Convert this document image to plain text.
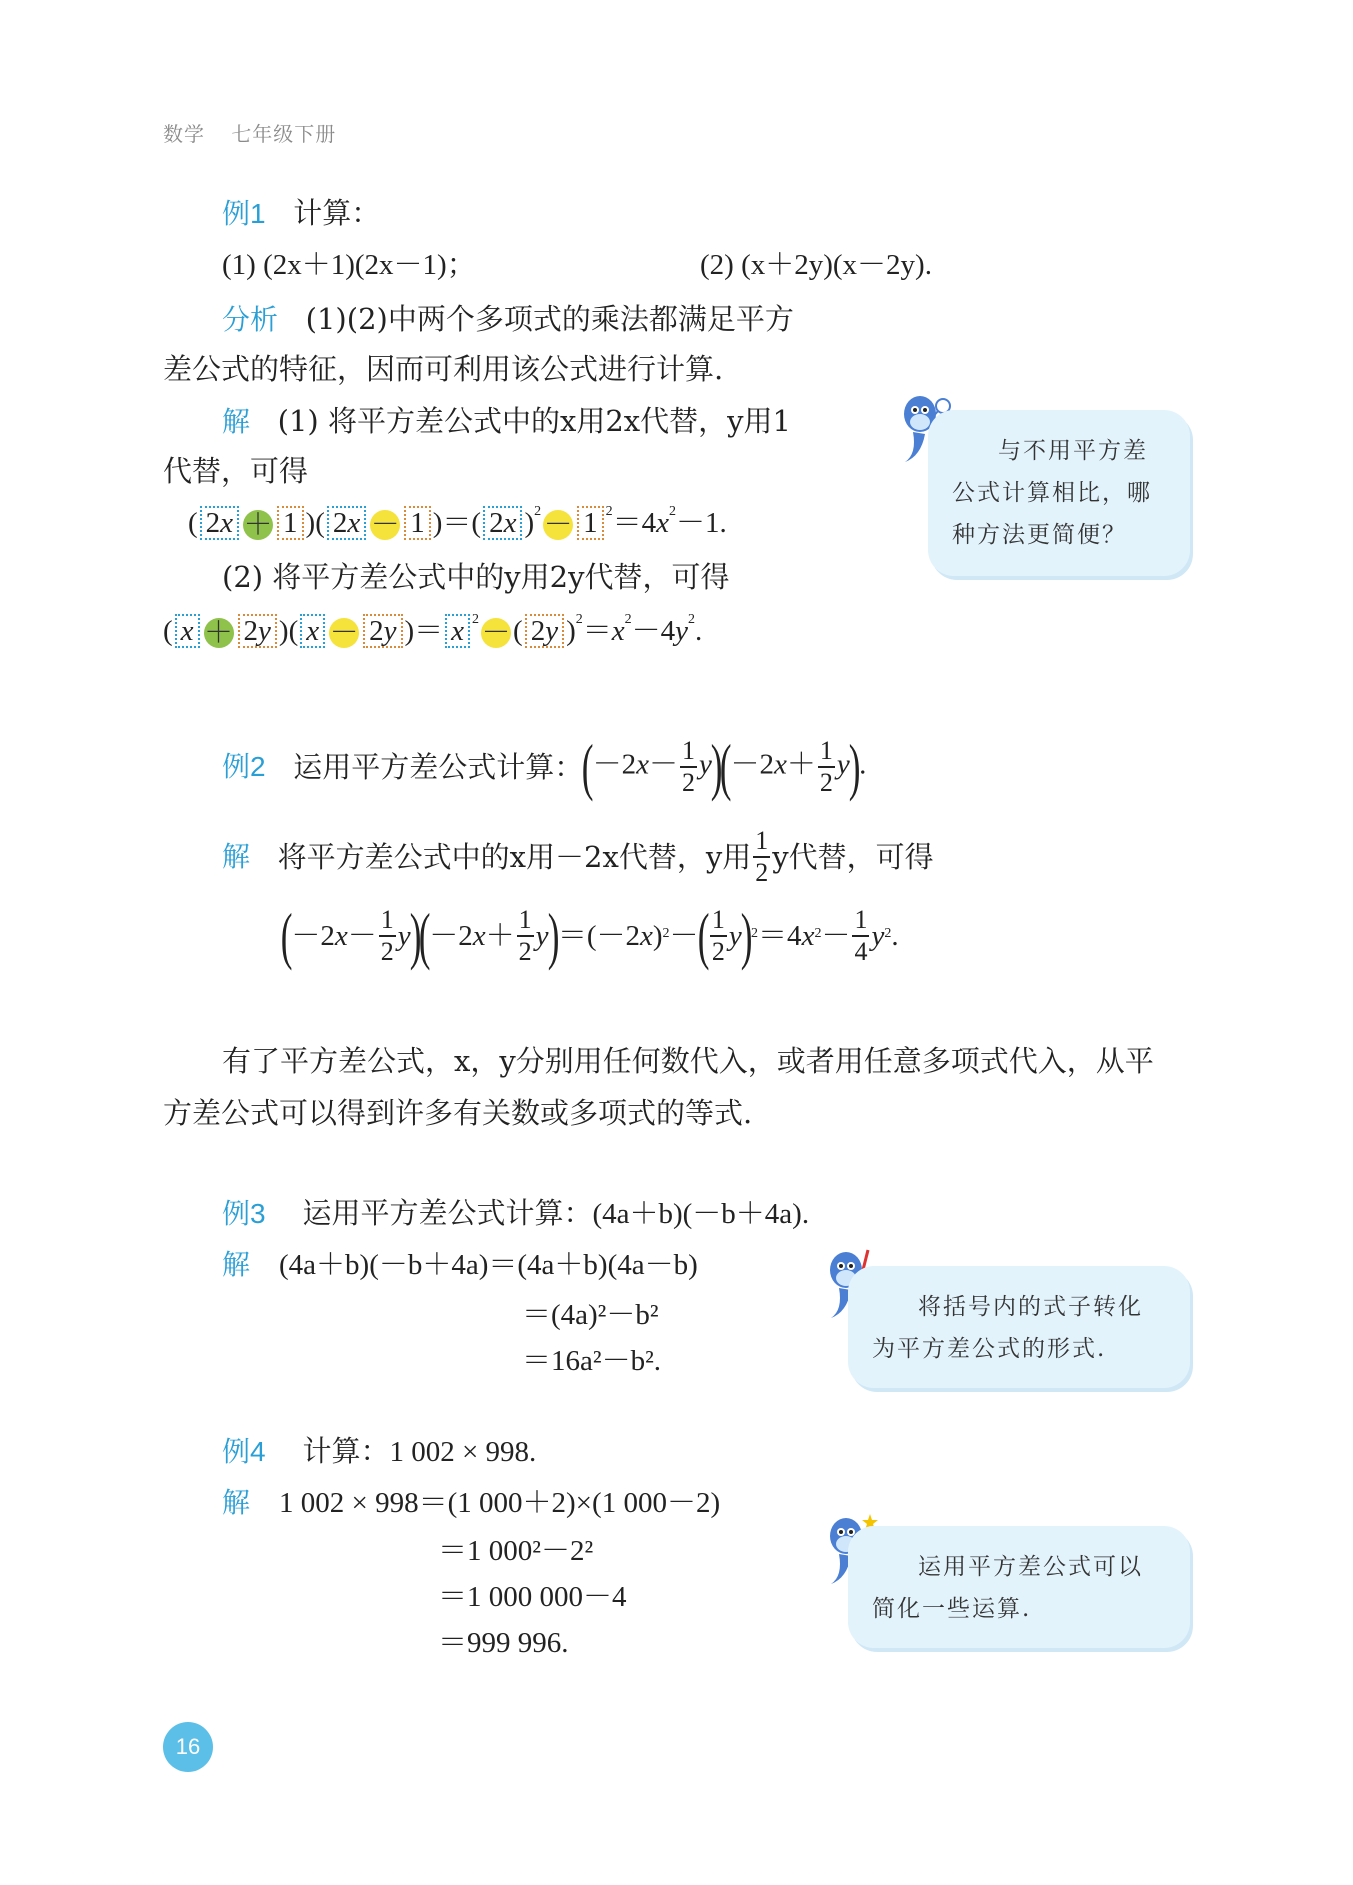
数学 七年级下册
例1 计算：
(1) (2x＋1)(2x－1)；	(2) (x＋2y)(x－2y).
分析 (1)(2)中两个多项式的乘法都满足平方
差公式的特征，因而可利用该公式进行计算.
解 (1) 将平方差公式中的x用2x代替，y用1
代替，可得
( 2x ＋ 1 )( 2x － 1 )＝( 2x )$^2$－ 1 $^2=4x^2-1$.
(2) 将平方差公式中的y用2y代替，可得
( x ＋ 2y )( x － 2y )＝ x $^2$－( 2y )$^2=x^2-4y^2$.
与不用平方差公式计算相比，哪种方法更简便？
例2
运用平方差公式计算：
$(-2x- \frac{1}{2} y)(-2x+ \frac{1}{2} y)$.
解
将平方差公式中的x用－2x代替，y用 $\frac{1}{2}$ y代替，可得
(
－2 $x - \frac{1}{2}$ y
)
(
－2 $x + \frac{1}{2}$ y
)
＝(－2 x )$^2$ －
( $\frac{1}{2}$ y
)
$^2$ ＝4 $x^2 - \frac{1}{4} y^2$ .
有了平方差公式，x，y分别用任何数代入，或者用任意多项式代入，从平
方差公式可以得到许多有关数或多项式的等式.
例3 运用平方差公式计算：(4a＋b)(－b＋4a).
解 (4a＋b)(－b＋4a)＝(4a＋b)(4a－b)
＝(4a)²－b²
＝16a²－b².
将括号内的式子转化为平方差公式的形式.
例4 计算：1 002 × 998.
解 1 002 × 998＝(1 000＋2)×(1 000－2)
＝1 000²－2²
＝1 000 000－4
＝999 996.
运用平方差公式可以简化一些运算.
16
